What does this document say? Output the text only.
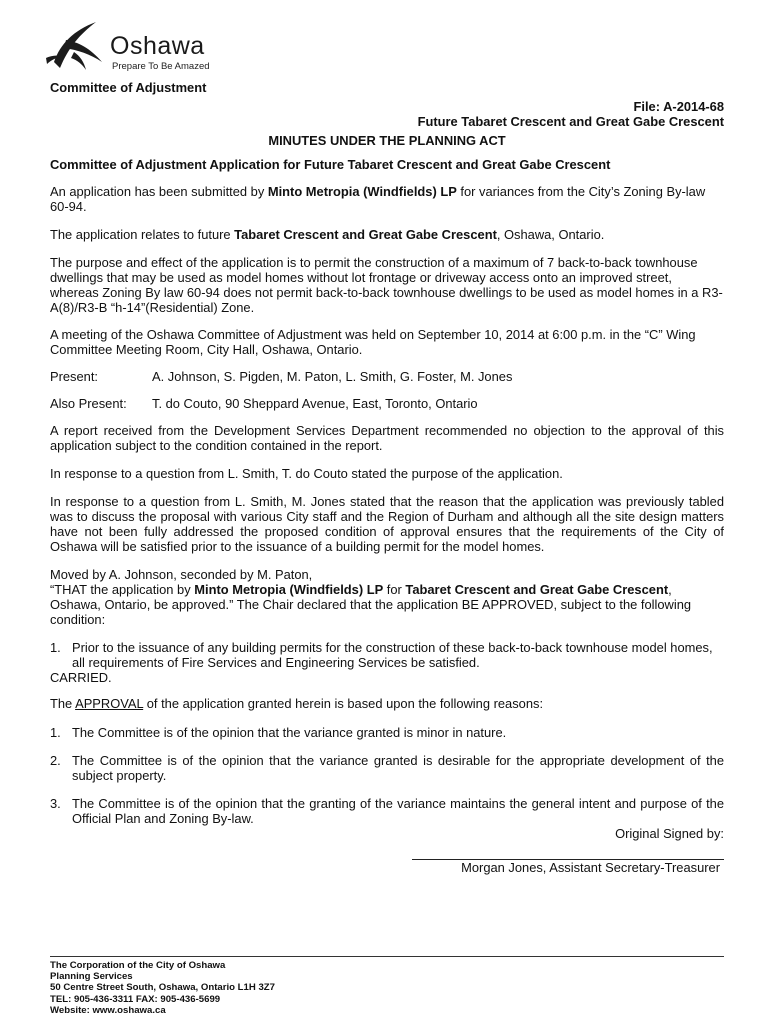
Oshawa
Prepare To Be Amazed

Committee of Adjustment

File: A-2014-68

Future Tabaret Crescent and Great Gabe Crescent

MINUTES UNDER THE PLANNING ACT

Committee of Adjustment Application for Future Tabaret Crescent and Great Gabe Crescent

An application has been submitted by Minto Metropia (Windfields) LP for variances from the City’s Zoning By-law 60-94.

The application relates to future Tabaret Crescent and Great Gabe Crescent, Oshawa, Ontario.

The purpose and effect of the application is to permit the construction of a maximum of 7 back-to-back townhouse dwellings that may be used as model homes without lot frontage or driveway access onto an improved street, whereas Zoning By law 60-94 does not permit back-to-back townhouse dwellings to be used as model homes in a R3-A(8)/R3-B “h-14”(Residential) Zone.

A meeting of the Oshawa Committee of Adjustment was held on September 10, 2014 at 6:00 p.m. in the “C” Wing Committee Meeting Room, City Hall, Oshawa, Ontario.

Present:	A. Johnson, S. Pigden, M. Paton, L. Smith, G. Foster, M. Jones
Also Present:	T. do Couto, 90 Sheppard Avenue, East, Toronto, Ontario

A report received from the Development Services Department recommended no objection to the approval of this application subject to the condition contained in the report.

In response to a question from L. Smith, T. do Couto stated the purpose of the application.

In response to a question from L. Smith, M. Jones stated that the reason that the application was previously tabled was to discuss the proposal with various City staff and the Region of Durham and although all the site design matters have not been fully addressed the proposed condition of approval ensures that the requirements of the City of Oshawa will be satisfied prior to the issuance of a building permit for the model homes.

Moved by A. Johnson, seconded by M. Paton,

“THAT the application by Minto Metropia (Windfields) LP for Tabaret Crescent and Great Gabe Crescent, Oshawa, Ontario, be approved.” The Chair declared that the application BE APPROVED, subject to the following condition:

1. Prior to the issuance of any building permits for the construction of these back-to-back townhouse model homes, all requirements of Fire Services and Engineering Services be satisfied.

CARRIED.

The APPROVAL of the application granted herein is based upon the following reasons:

1. The Committee is of the opinion that the variance granted is minor in nature.
2. The Committee is of the opinion that the variance granted is desirable for the appropriate development of the subject property.
3. The Committee is of the opinion that the granting of the variance maintains the general intent and purpose of the Official Plan and Zoning By-law.

Original Signed by:

Morgan Jones, Assistant Secretary-Treasurer

The Corporation of the City of Oshawa
Planning Services
50 Centre Street South, Oshawa, Ontario L1H 3Z7
TEL: 905-436-3311 FAX: 905-436-5699
Website: www.oshawa.ca
